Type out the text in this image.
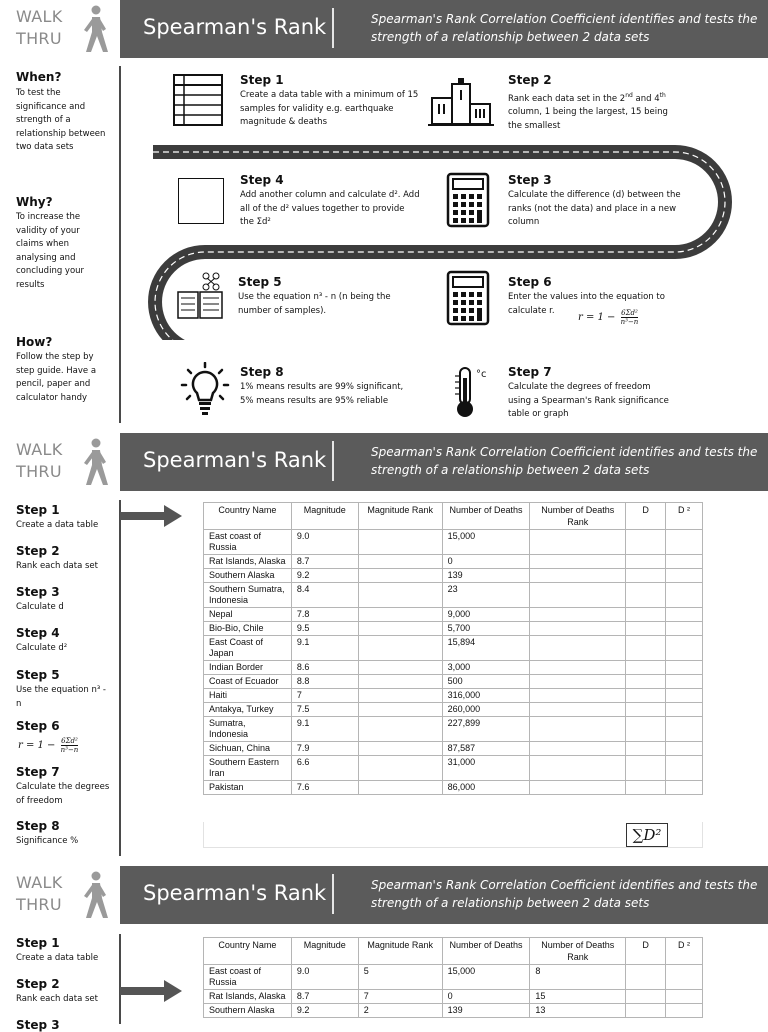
WALK
THRU	Spearman's Rank	Spearman's Rank Correlation Coefficient identifies and tests the strength of a relationship between 2 data sets
When?
To test the significance and strength of a relationship between two data sets
Why?
To increase the validity of your claims when analysing and concluding your results
How?
Follow the step by step guide. Have a pencil, paper and calculator handy
Step 1
Create a data table with a minimum of 15 samples for validity e.g. earthquake magnitude & deaths
Step 2
Rank each data set in the 2nd and 4th column, 1 being the largest, 15 being the smallest
Step 4
Add another column and calculate d². Add all of the d² values together to provide the Σd²
Step 3
Calculate the difference (d) between the ranks (not the data) and place in a new column
Step 5
Use the equation n³ - n (n being the number of samples).
Step 6
Enter the values into the equation to calculate r.
$r = 1 - \frac{\text{6Σd²}}{\text{n³−n}}$
Step 8
1% means results are 99% significant, 5% means results are 95% reliable
°c Step 7
Calculate the degrees of freedom using a Spearman's Rank significance table or graph
WALK
THRU	Spearman's Rank	Spearman's Rank Correlation Coefficient identifies and tests the strength of a relationship between 2 data sets
Step 1
Create a data table
Step 2
Rank each data set
Step 3
Calculate d
Step 4
Calculate d²
Step 5
Use the equation n³ - n
Step 6
$r = 1 - \frac{\text{6Σd²}}{\text{n³−n}}$
Step 7
Calculate the degrees of freedom
Step 8
Significance %
Country Name	Magnitude	Magnitude Rank	Number of Deaths	Number of Deaths Rank	D	D ²
East coast of Russia	9.0		15,000			
Rat Islands, Alaska	8.7		0			
Southern Alaska	9.2		139			
Southern Sumatra, Indonesia	8.4		23			
Nepal	7.8		9,000			
Bio-Bio, Chile	9.5		5,700			
East Coast of Japan	9.1		15,894			
Indian Border	8.6		3,000			
Coast of Ecuador	8.8		500			
Haiti	7		316,000			
Antakya, Turkey	7.5		260,000			
Sumatra, Indonesia	9.1		227,899			
Sichuan, China	7.9		87,587			
Southern Eastern Iran	6.6		31,000			
Pakistan	7.6		86,000			
∑D²
WALK
THRU	Spearman's Rank	Spearman's Rank Correlation Coefficient identifies and tests the strength of a relationship between 2 data sets
Step 1
Create a data table
Step 2
Rank each data set
Step 3
Country Name	Magnitude	Magnitude Rank	Number of Deaths	Number of Deaths Rank	D	D ²
East coast of Russia	9.0	5	15,000	8		
Rat Islands, Alaska	8.7	7	0	15		
Southern Alaska	9.2	2	139	13		
